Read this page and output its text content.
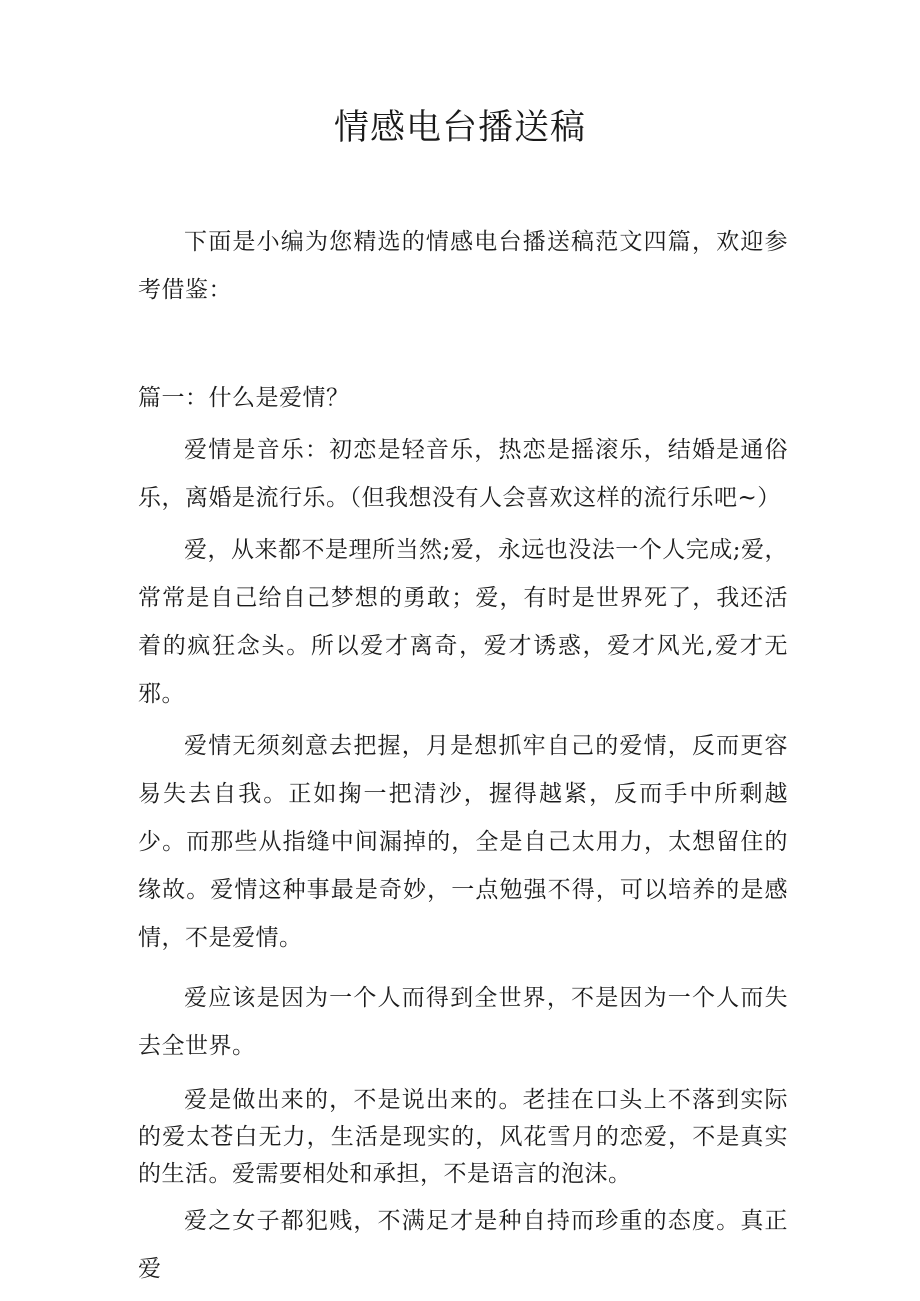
情感电台播送稿

下面是小编为您精选的情感电台播送稿范文四篇，欢迎参考借鉴：

篇一：什么是爱情？

爱情是音乐：初恋是轻音乐，热恋是摇滚乐，结婚是通俗乐，离婚是流行乐。（但我想没有人会喜欢这样的流行乐吧~）

爱，从来都不是理所当然;爱，永远也没法一个人完成;爱，常常是自己给自己梦想的勇敢；爱，有时是世界死了，我还活着的疯狂念头。所以爱才离奇，爱才诱惑，爱才风光,爱才无邪。

爱情无须刻意去把握，月是想抓牢自己的爱情，反而更容易失去自我。正如掬一把清沙，握得越紧，反而手中所剩越少。而那些从指缝中间漏掉的，全是自己太用力，太想留住的缘故。爱情这种事最是奇妙，一点勉强不得，可以培养的是感情，不是爱情。

爱应该是因为一个人而得到全世界，不是因为一个人而失去全世界。

爱是做出来的，不是说出来的。老挂在口头上不落到实际的爱太苍白无力，生活是现实的，风花雪月的恋爱，不是真实的生活。爱需要相处和承担，不是语言的泡沫。

爱之女子都犯贱，不满足才是种自持而珍重的态度。真正爱
